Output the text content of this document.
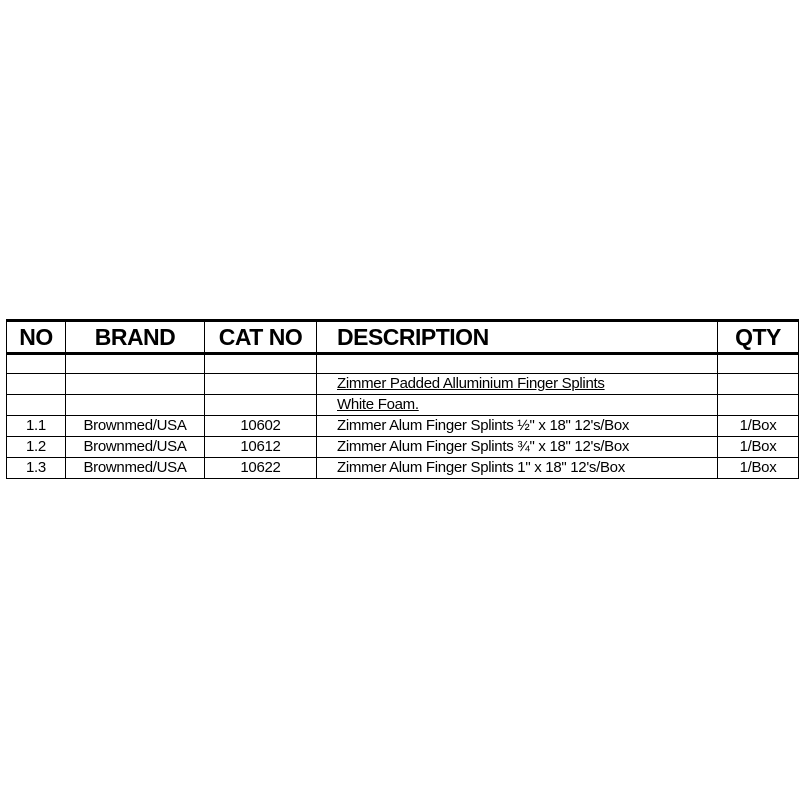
NO	BRAND	CAT NO	DESCRIPTION	QTY

			Zimmer Padded Alluminium Finger Splints	
			White Foam.	
1.1	Brownmed/USA	10602	Zimmer Alum Finger Splints ½" x 18" 12's/Box	1/Box
1.2	Brownmed/USA	10612	Zimmer Alum Finger Splints ¾" x 18" 12's/Box	1/Box
1.3	Brownmed/USA	10622	Zimmer Alum Finger Splints 1" x 18" 12's/Box	1/Box
